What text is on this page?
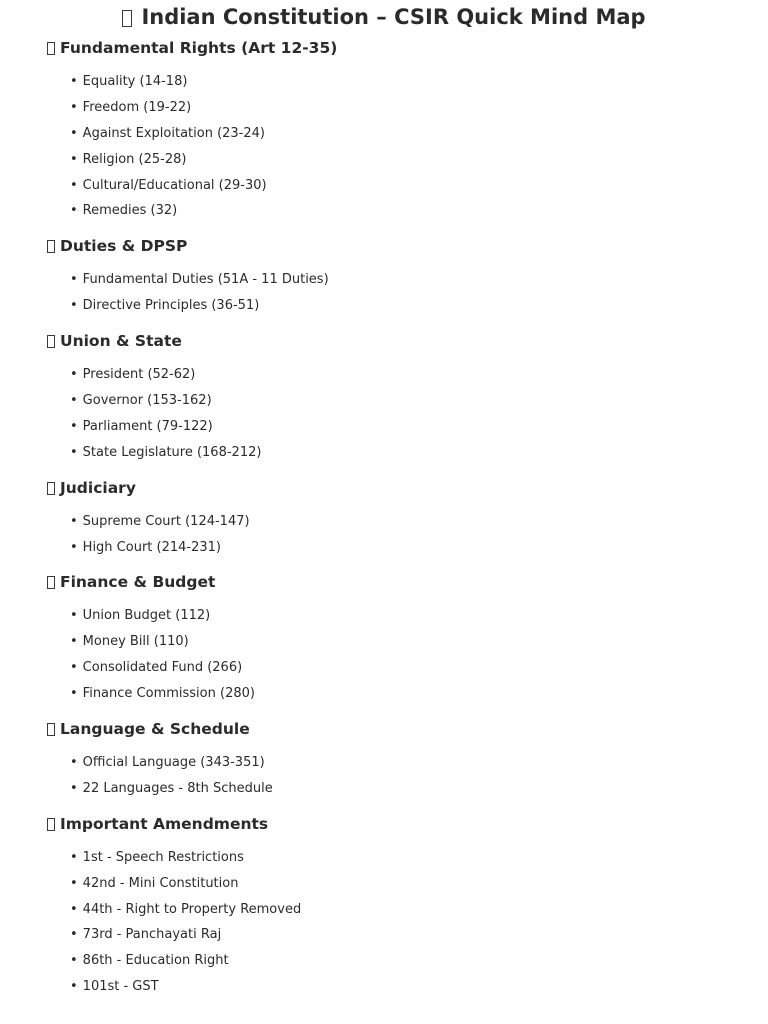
Indian Constitution – CSIR Quick Mind Map
Fundamental Rights (Art 12-35)
• Equality (14-18)
• Freedom (19-22)
• Against Exploitation (23-24)
• Religion (25-28)
• Cultural/Educational (29-30)
• Remedies (32)
Duties & DPSP
• Fundamental Duties (51A - 11 Duties)
• Directive Principles (36-51)
Union & State
• President (52-62)
• Governor (153-162)
• Parliament (79-122)
• State Legislature (168-212)
Judiciary
• Supreme Court (124-147)
• High Court (214-231)
Finance & Budget
• Union Budget (112)
• Money Bill (110)
• Consolidated Fund (266)
• Finance Commission (280)
Language & Schedule
• Official Language (343-351)
• 22 Languages - 8th Schedule
Important Amendments
• 1st - Speech Restrictions
• 42nd - Mini Constitution
• 44th - Right to Property Removed
• 73rd - Panchayati Raj
• 86th - Education Right
• 101st - GST
